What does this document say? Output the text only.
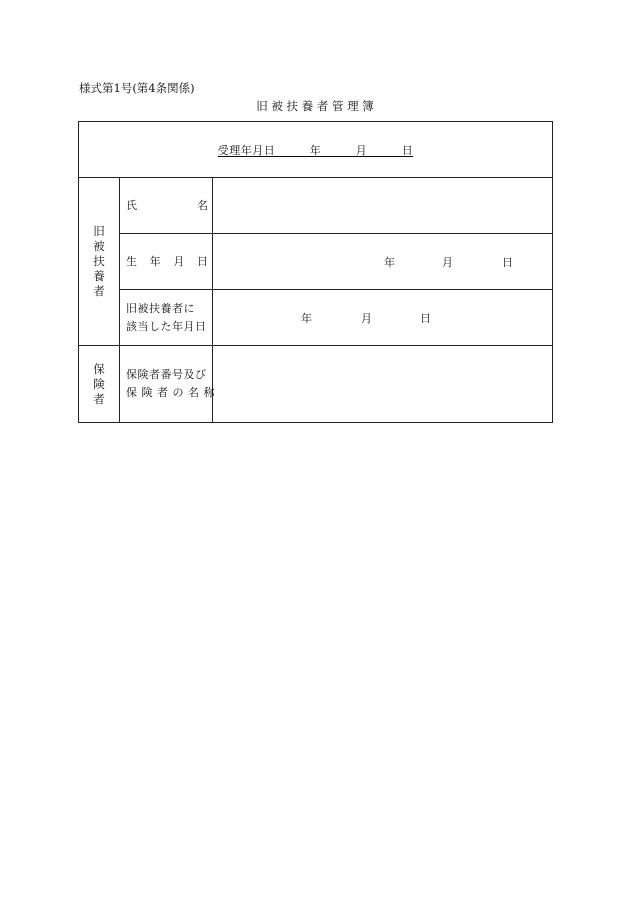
様式第1号(第4条関係)
旧 被 扶 養 者 管 理 簿
受理年月日　　　年　　　月　　　日		
旧被扶養者	氏 名	

	生 年 月 日	年 月 日

	旧被扶養者に
該当した年月日	年 月 日

保険者	保険者番号及び
保 険 者 の 名 称	
